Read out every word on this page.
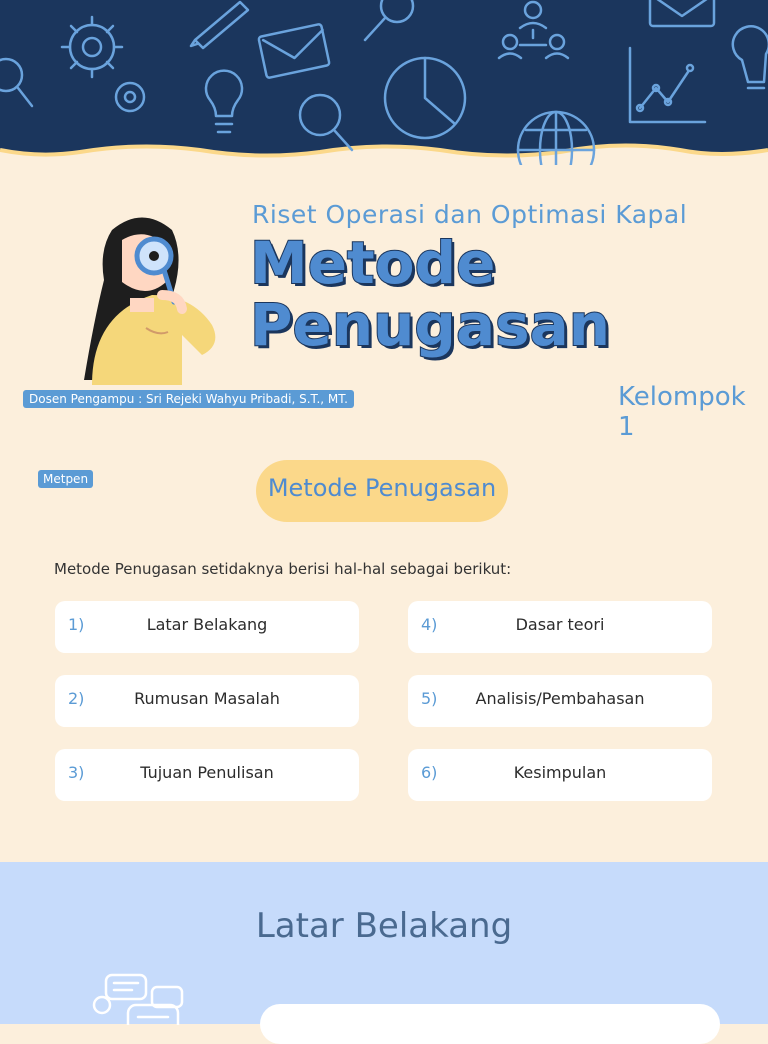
Riset Operasi dan Optimasi Kapal
Metode
Penugasan
Kelompok 1
Dosen Pengampu : Sri Rejeki Wahyu Pribadi, S.T., MT.
Metpen	Metode Penugasan
Metode Penugasan setidaknya berisi hal-hal sebagai berikut:
Latar Belakang
1)
Rumusan Masalah
2)
Tujuan Penulisan
3)
Dasar teori
4)
Analisis/Pembahasan
5)
Kesimpulan
6)
Latar Belakang
